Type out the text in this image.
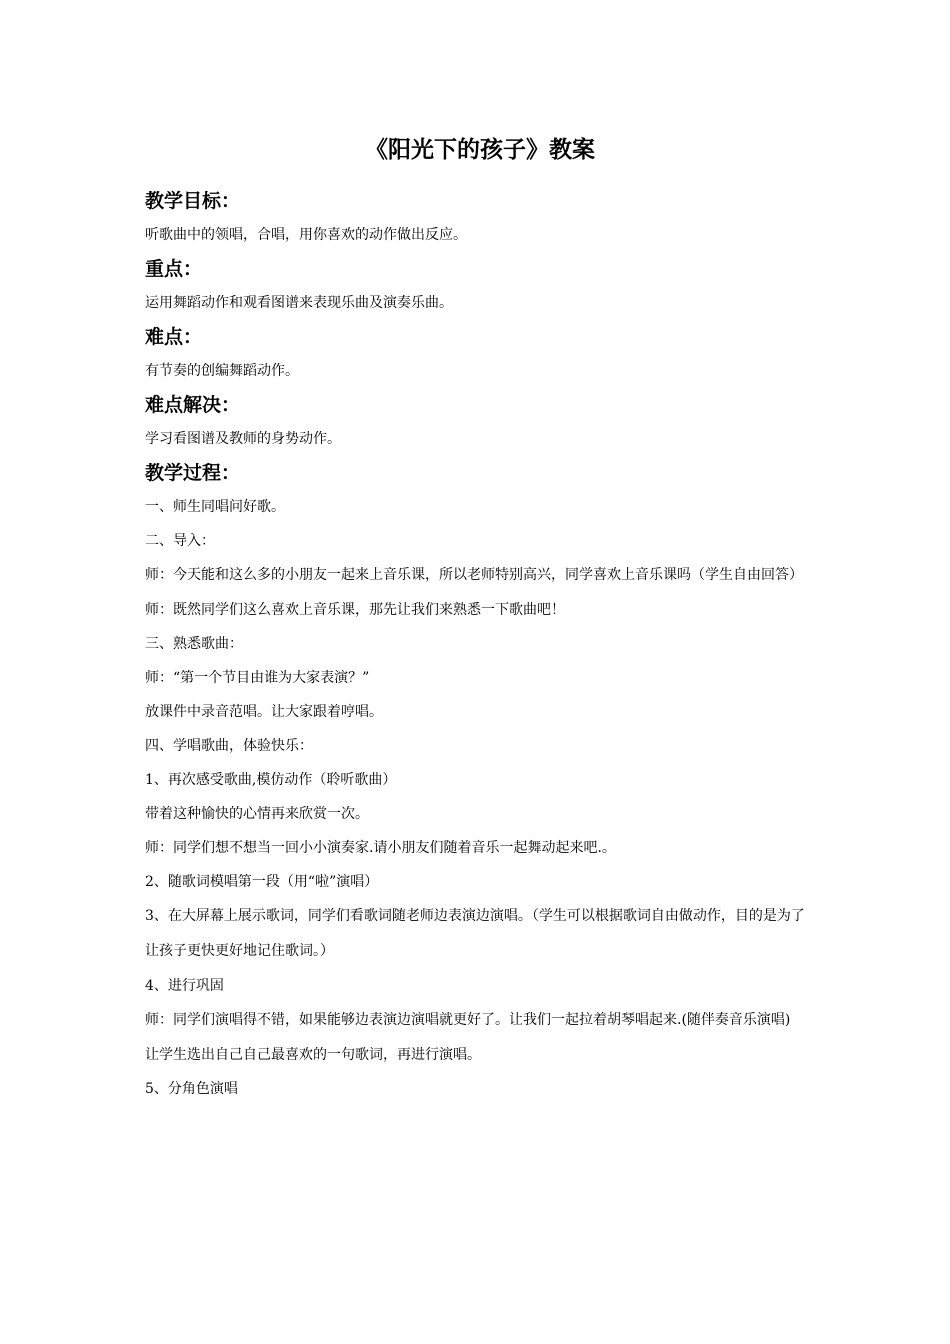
《阳光下的孩子》教案
教学目标：

听歌曲中的领唱，合唱，用你喜欢的动作做出反应。

重点：

运用舞蹈动作和观看图谱来表现乐曲及演奏乐曲。

难点：

有节奏的创编舞蹈动作。

难点解决：

学习看图谱及教师的身势动作。

教学过程：

一、师生同唱问好歌。

二、导入：

师：今天能和这么多的小朋友一起来上音乐课，所以老师特别高兴，同学喜欢上音乐课吗（学生自由回答）

师：既然同学们这么喜欢上音乐课，那先让我们来熟悉一下歌曲吧！

三、熟悉歌曲：

师：“第一个节目由谁为大家表演？”

放课件中录音范唱。让大家跟着哼唱。

四、学唱歌曲，体验快乐：

1、再次感受歌曲,模仿动作（聆听歌曲）

带着这种愉快的心情再来欣赏一次。

师：同学们想不想当一回小小演奏家.请小朋友们随着音乐一起舞动起来吧.。

2、随歌词模唱第一段（用“啦”演唱）

3、在大屏幕上展示歌词，同学们看歌词随老师边表演边演唱。（学生可以根据歌词自由做动作，目的是为了让孩子更快更好地记住歌词。）

4、进行巩固

师：同学们演唱得不错，如果能够边表演边演唱就更好了。让我们一起拉着胡琴唱起来.(随伴奏音乐演唱)

让学生选出自己自己最喜欢的一句歌词，再进行演唱。

5、分角色演唱
